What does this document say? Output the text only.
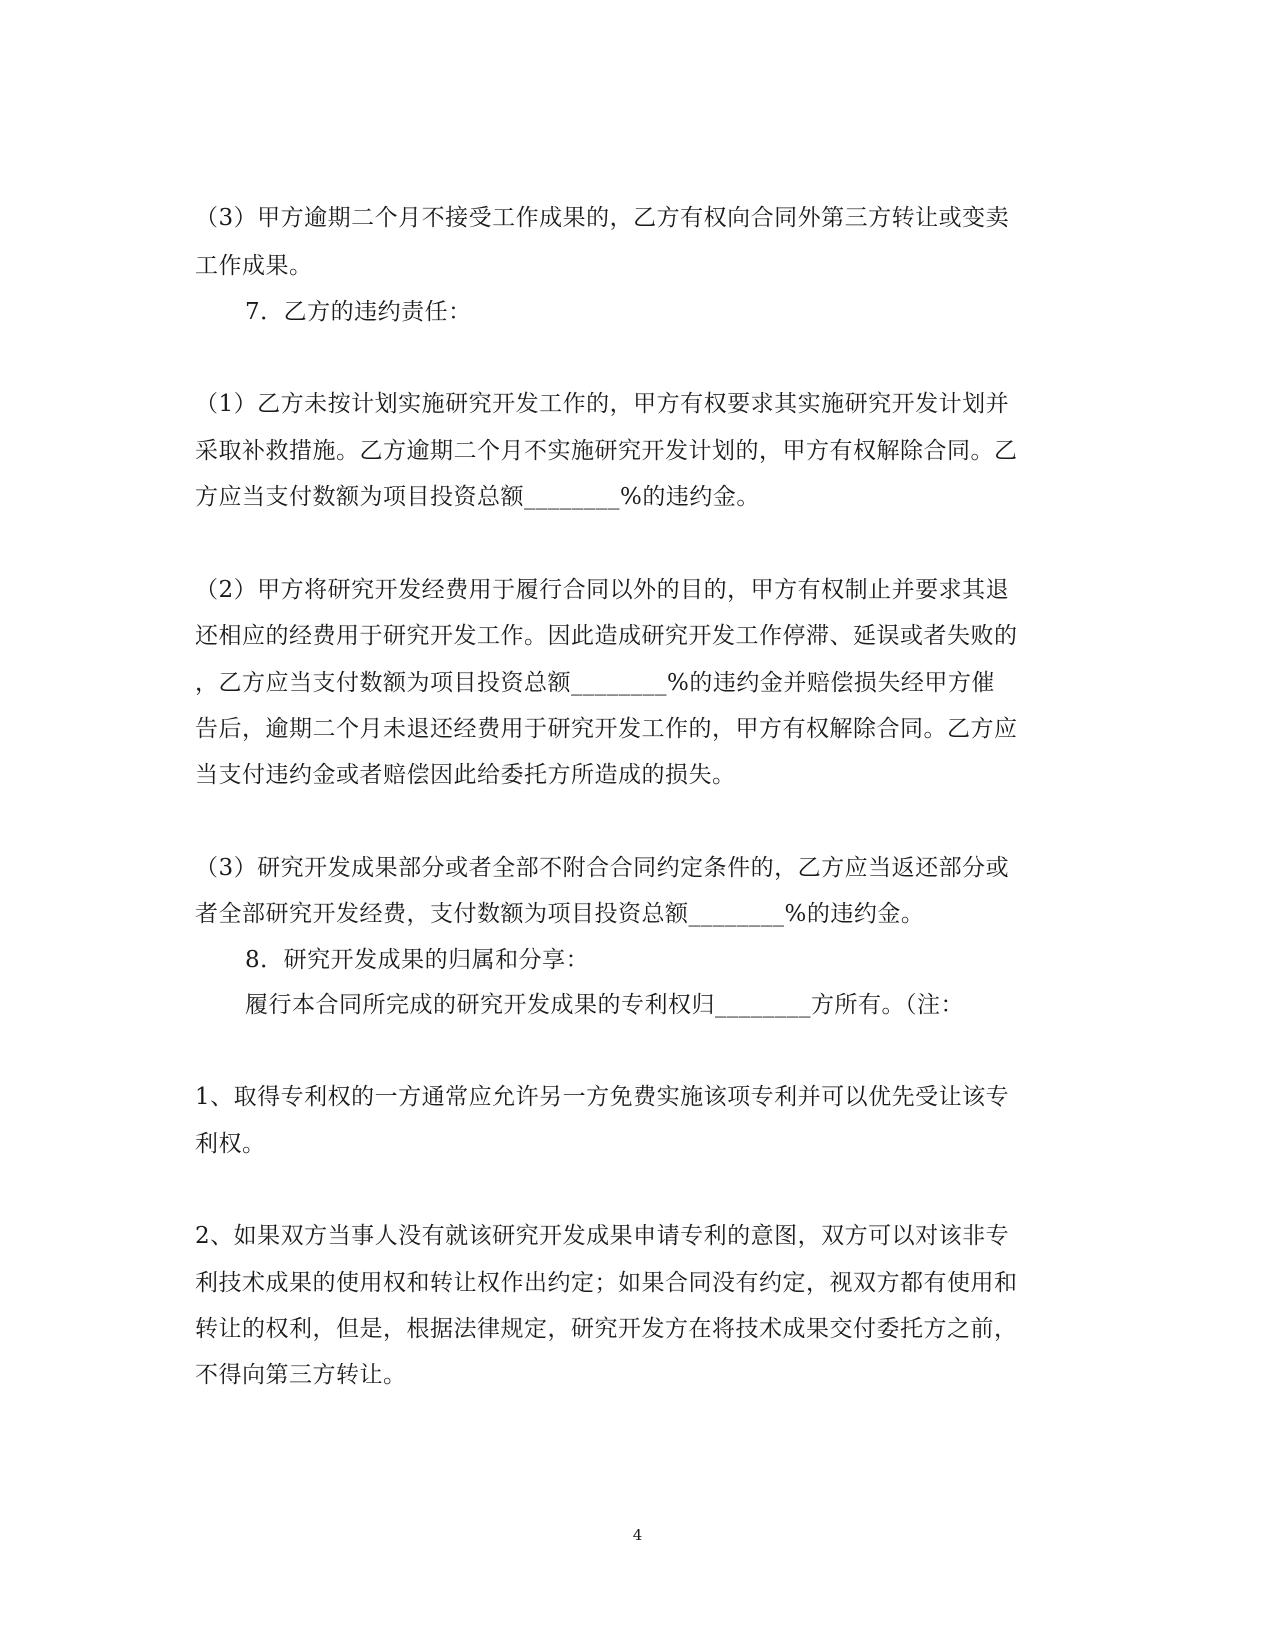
（3）甲方逾期二个月不接受工作成果的，乙方有权向合同外第三方转让或变卖
工作成果。
7．乙方的违约责任：
（1）乙方未按计划实施研究开发工作的，甲方有权要求其实施研究开发计划并
采取补救措施。乙方逾期二个月不实施研究开发计划的，甲方有权解除合同。乙
方应当支付数额为项目投资总额________%的违约金。
（2）甲方将研究开发经费用于履行合同以外的目的，甲方有权制止并要求其退
还相应的经费用于研究开发工作。因此造成研究开发工作停滞、延误或者失败的
，乙方应当支付数额为项目投资总额________%的违约金并赔偿损失经甲方催
告后，逾期二个月未退还经费用于研究开发工作的，甲方有权解除合同。乙方应
当支付违约金或者赔偿因此给委托方所造成的损失。
（3）研究开发成果部分或者全部不附合合同约定条件的，乙方应当返还部分或
者全部研究开发经费，支付数额为项目投资总额________%的违约金。
8．研究开发成果的归属和分享：
履行本合同所完成的研究开发成果的专利权归________方所有。（注：
1、取得专利权的一方通常应允许另一方免费实施该项专利并可以优先受让该专
利权。
2、如果双方当事人没有就该研究开发成果申请专利的意图，双方可以对该非专
利技术成果的使用权和转让权作出约定；如果合同没有约定，视双方都有使用和
转让的权利，但是，根据法律规定，研究开发方在将技术成果交付委托方之前，
不得向第三方转让。
4
